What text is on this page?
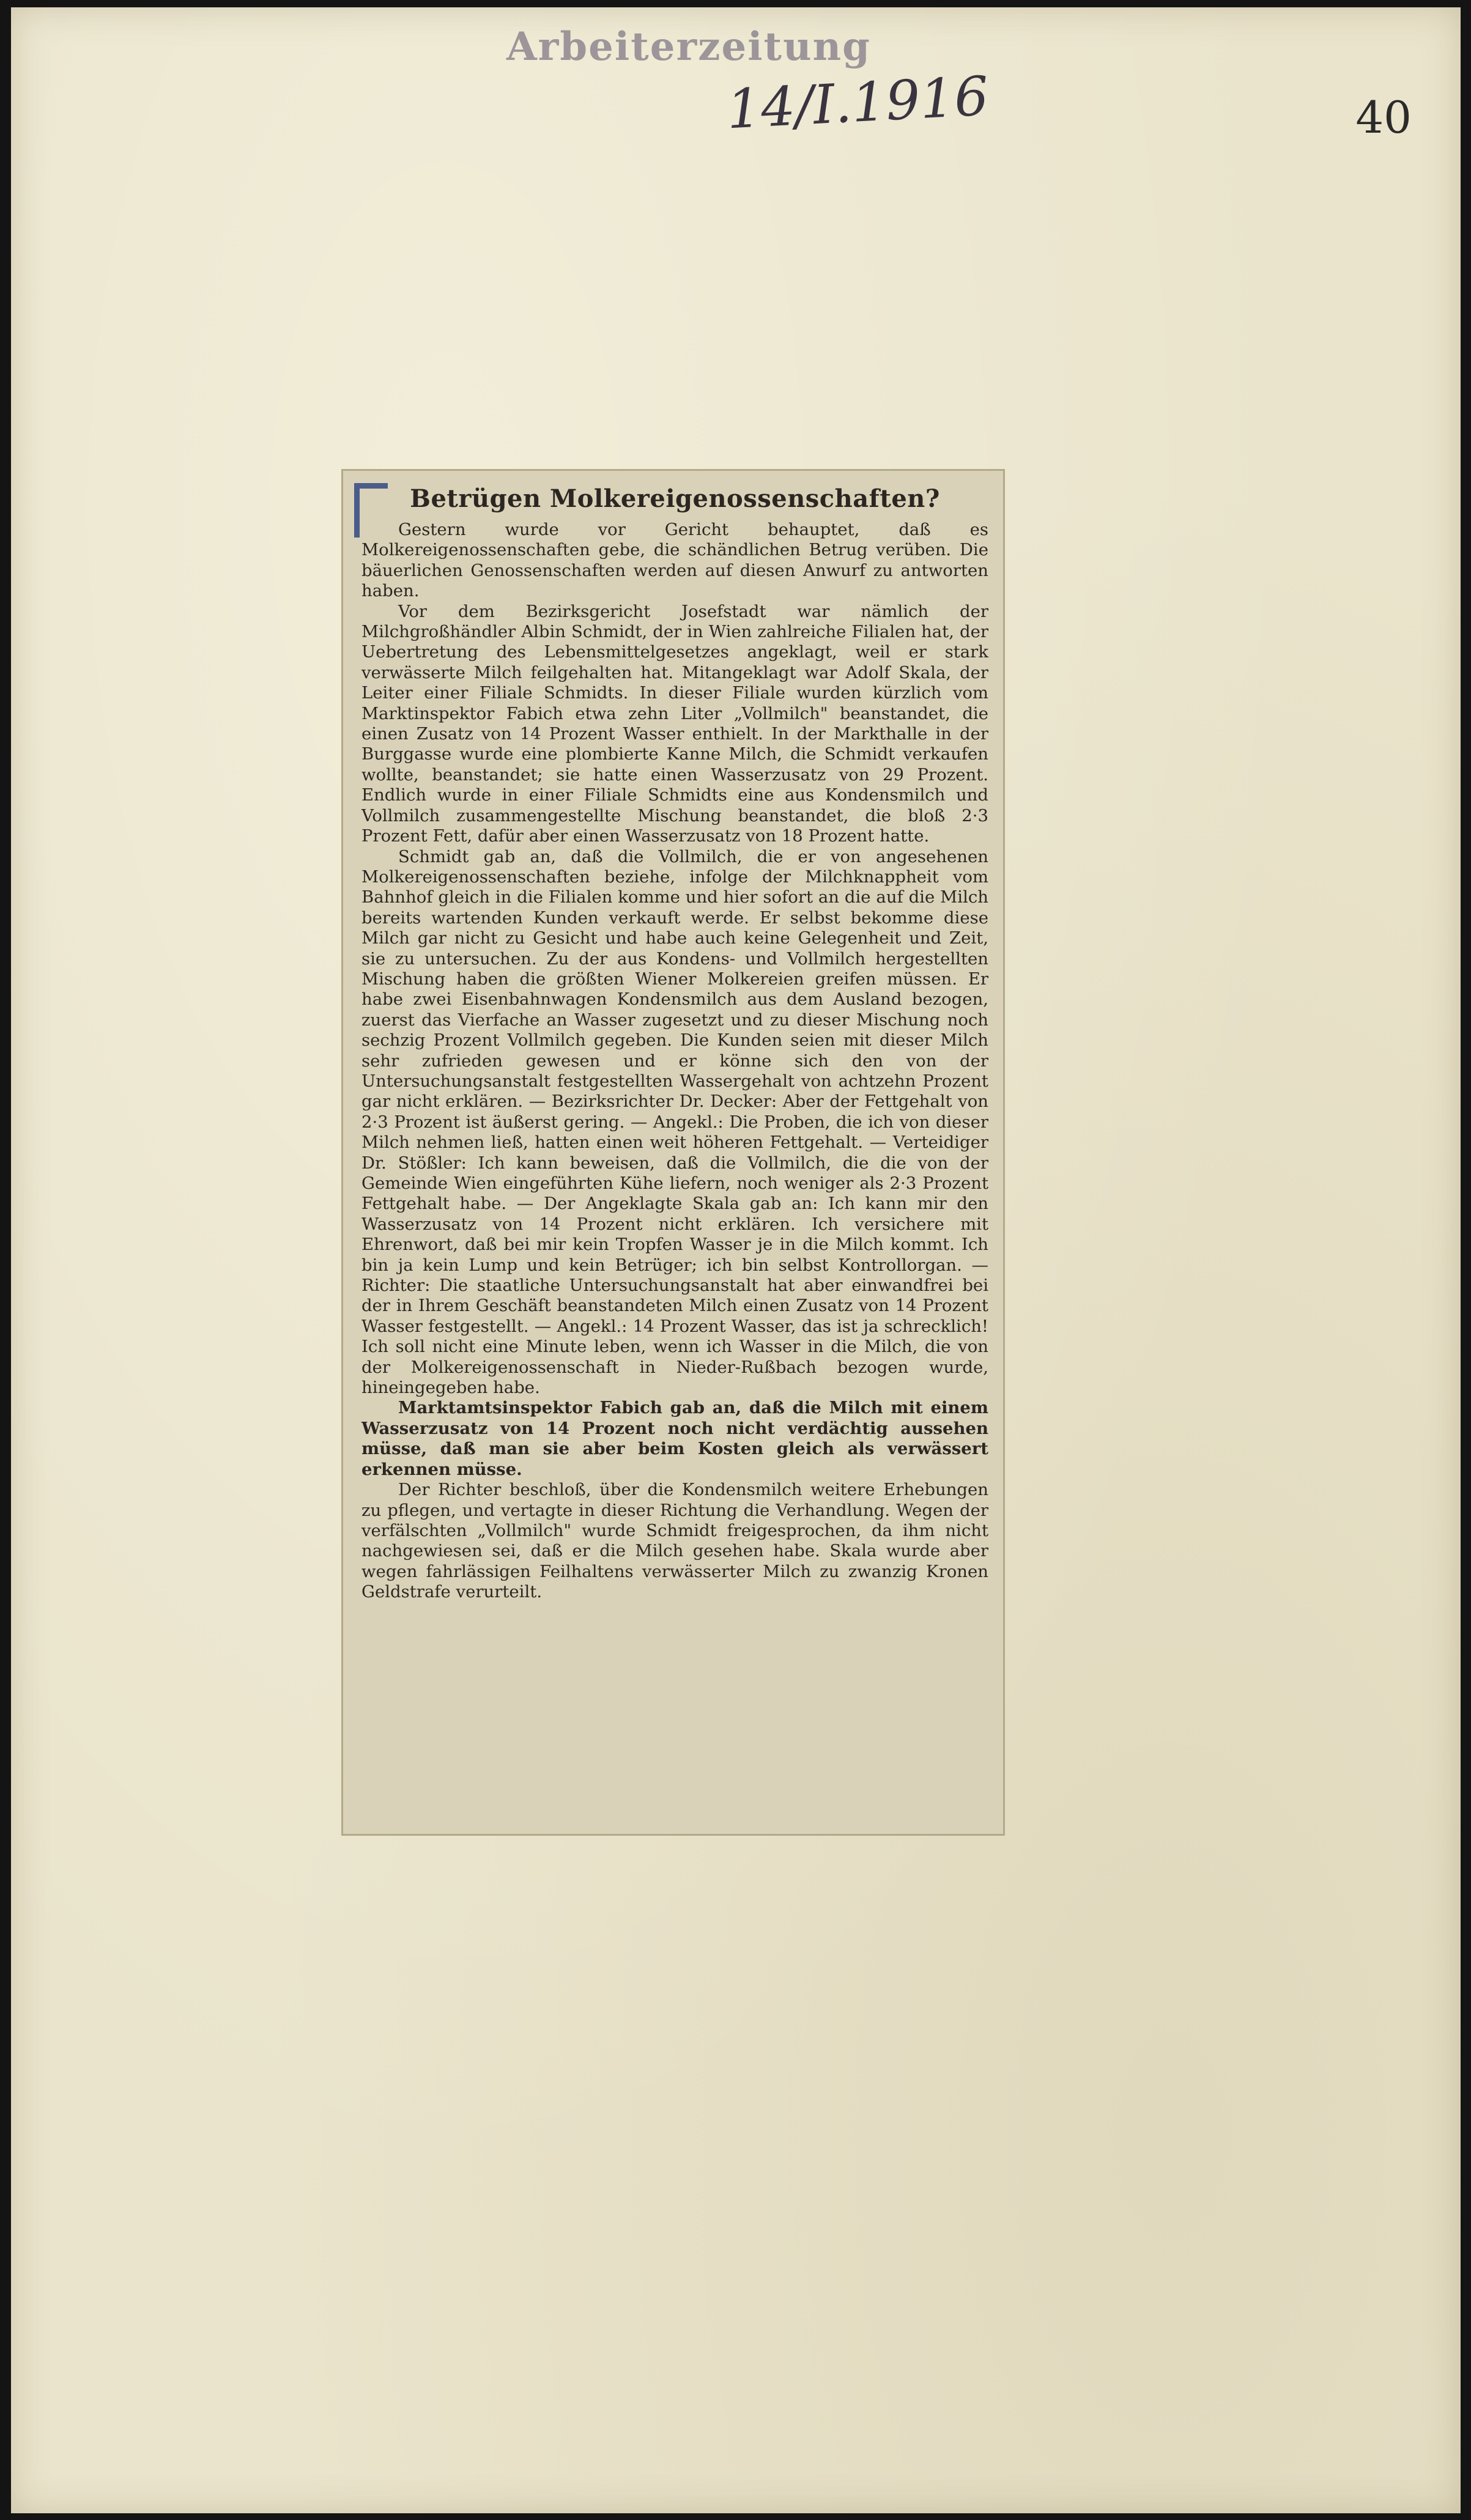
Arbeiterzeitung
14/I.1916	40
Betrügen Molkereigenossenschaften?

Gestern wurde vor Gericht behauptet, daß es Molkereigenossenschaften gebe, die schändlichen Betrug verüben. Die bäuerlichen Genossenschaften werden auf diesen Anwurf zu antworten haben.

Vor dem Bezirksgericht Josefstadt war nämlich der Milchgroßhändler Albin Schmidt, der in Wien zahlreiche Filialen hat, der Uebertretung des Lebensmittelgesetzes angeklagt, weil er stark verwässerte Milch feilgehalten hat. Mitangeklagt war Adolf Skala, der Leiter einer Filiale Schmidts. In dieser Filiale wurden kürzlich vom Marktinspektor Fabich etwa zehn Liter „Vollmilch" beanstandet, die einen Zusatz von 14 Prozent Wasser enthielt. In der Markthalle in der Burggasse wurde eine plombierte Kanne Milch, die Schmidt verkaufen wollte, beanstandet; sie hatte einen Wasserzusatz von 29 Prozent. Endlich wurde in einer Filiale Schmidts eine aus Kondensmilch und Vollmilch zusammengestellte Mischung beanstandet, die bloß 2·3 Prozent Fett, dafür aber einen Wasserzusatz von 18 Prozent hatte.

Schmidt gab an, daß die Vollmilch, die er von angesehenen Molkereigenossenschaften beziehe, infolge der Milchknappheit vom Bahnhof gleich in die Filialen komme und hier sofort an die auf die Milch bereits wartenden Kunden verkauft werde. Er selbst bekomme diese Milch gar nicht zu Gesicht und habe auch keine Gelegenheit und Zeit, sie zu untersuchen. Zu der aus Kondens- und Vollmilch hergestellten Mischung haben die größten Wiener Molkereien greifen müssen. Er habe zwei Eisenbahnwagen Kondensmilch aus dem Ausland bezogen, zuerst das Vierfache an Wasser zugesetzt und zu dieser Mischung noch sechzig Prozent Vollmilch gegeben. Die Kunden seien mit dieser Milch sehr zufrieden gewesen und er könne sich den von der Untersuchungsanstalt festgestellten Wassergehalt von achtzehn Prozent gar nicht erklären. — Bezirksrichter Dr. Decker: Aber der Fettgehalt von 2·3 Prozent ist äußerst gering. — Angekl.: Die Proben, die ich von dieser Milch nehmen ließ, hatten einen weit höheren Fettgehalt. — Verteidiger Dr. Stößler: Ich kann beweisen, daß die Vollmilch, die die von der Gemeinde Wien eingeführten Kühe liefern, noch weniger als 2·3 Prozent Fettgehalt habe. — Der Angeklagte Skala gab an: Ich kann mir den Wasserzusatz von 14 Prozent nicht erklären. Ich versichere mit Ehrenwort, daß bei mir kein Tropfen Wasser je in die Milch kommt. Ich bin ja kein Lump und kein Betrüger; ich bin selbst Kontrollorgan. — Richter: Die staatliche Untersuchungsanstalt hat aber einwandfrei bei der in Ihrem Geschäft beanstandeten Milch einen Zusatz von 14 Prozent Wasser festgestellt. — Angekl.: 14 Prozent Wasser, das ist ja schrecklich! Ich soll nicht eine Minute leben, wenn ich Wasser in die Milch, die von der Molkereigenossenschaft in Nieder-Rußbach bezogen wurde, hineingegeben habe.

Marktamtsinspektor Fabich gab an, daß die Milch mit einem Wasserzusatz von 14 Prozent noch nicht verdächtig aussehen müsse, daß man sie aber beim Kosten gleich als verwässert erkennen müsse.

Der Richter beschloß, über die Kondensmilch weitere Erhebungen zu pflegen, und vertagte in dieser Richtung die Verhandlung. Wegen der verfälschten „Vollmilch" wurde Schmidt freigesprochen, da ihm nicht nachgewiesen sei, daß er die Milch gesehen habe. Skala wurde aber wegen fahrlässigen Feilhaltens verwässerter Milch zu zwanzig Kronen Geldstrafe verurteilt.
